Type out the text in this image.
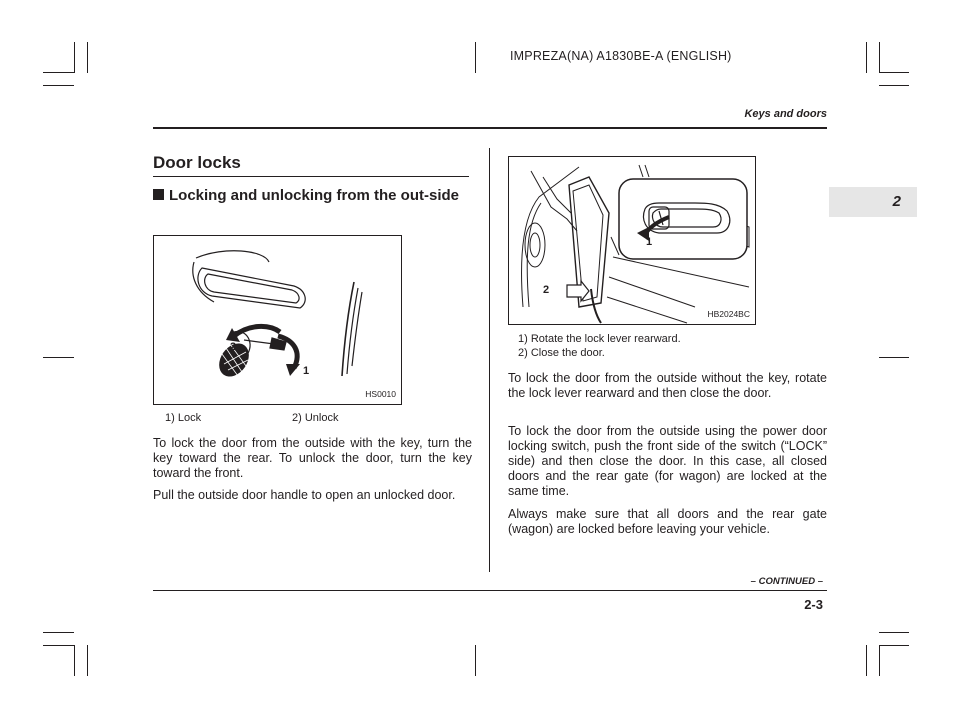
IMPREZA(NA) A1830BE-A (ENGLISH)
Keys and doors
2
Door locks
Locking and unlocking from the out-side
2
1
HS0010
1) Lock	2) Unlock
To lock the door from the outside with the key, turn the key toward the rear. To unlock the door, turn the key toward the front.
Pull the outside door handle to open an unlocked door.
1
2
HB2024BC
1) Rotate the lock lever rearward.
2) Close the door.
To lock the door from the outside without the key, rotate the lock lever rearward and then close the door.
To lock the door from the outside using the power door locking switch, push the front side of the switch (“LOCK” side) and then close the door. In this case, all closed doors and the rear gate (for wagon) are locked at the same time.
Always make sure that all doors and the rear gate (wagon) are locked before leaving your vehicle.
– CONTINUED –
2-3
